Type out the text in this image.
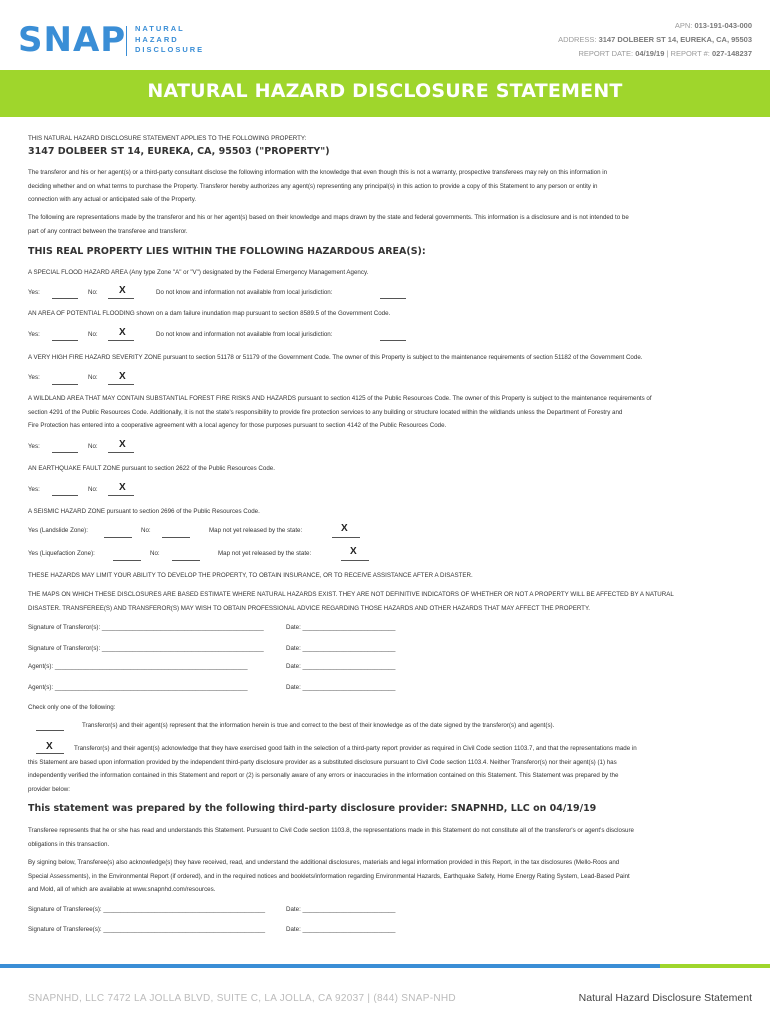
SNAP NATURAL
HAZARD
DISCLOSURE
APN: 013-191-043-000
ADDRESS: 3147 DOLBEER ST 14, EUREKA, CA, 95503
REPORT DATE: 04/19/19 | REPORT #: 027-148237
NATURAL HAZARD DISCLOSURE STATEMENT
THIS NATURAL HAZARD DISCLOSURE STATEMENT APPLIES TO THE FOLLOWING PROPERTY:
3147 DOLBEER ST 14, EUREKA, CA, 95503 ("PROPERTY")
The transferor and his or her agent(s) or a third-party consultant disclose the following information with the knowledge that even though this is not a warranty, prospective transferees may rely on this information in
deciding whether and on what terms to purchase the Property. Transferor hereby authorizes any agent(s) representing any principal(s) in this action to provide a copy of this Statement to any person or entity in
connection with any actual or anticipated sale of the Property.
The following are representations made by the transferor and his or her agent(s) based on their knowledge and maps drawn by the state and federal governments. This information is a disclosure and is not intended to be
part of any contract between the transferee and transferor.
THIS REAL PROPERTY LIES WITHIN THE FOLLOWING HAZARDOUS AREA(S):
A SPECIAL FLOOD HAZARD AREA (Any type Zone "A" or "V") designated by the Federal Emergency Management Agency.
Yes:	No: X	Do not know and information not available from local jurisdiction:
AN AREA OF POTENTIAL FLOODING shown on a dam failure inundation map pursuant to section 8589.5 of the Government Code.
Yes:	No: X	Do not know and information not available from local jurisdiction:
A VERY HIGH FIRE HAZARD SEVERITY ZONE pursuant to section 51178 or 51179 of the Government Code. The owner of this Property is subject to the maintenance requirements of section 51182 of the Government Code.
Yes:	No: X
A WILDLAND AREA THAT MAY CONTAIN SUBSTANTIAL FOREST FIRE RISKS AND HAZARDS pursuant to section 4125 of the Public Resources Code. The owner of this Property is subject to the maintenance requirements of
section 4291 of the Public Resources Code. Additionally, it is not the state's responsibility to provide fire protection services to any building or structure located within the wildlands unless the Department of Forestry and
Fire Protection has entered into a cooperative agreement with a local agency for those purposes pursuant to section 4142 of the Public Resources Code.
Yes:	No: X
AN EARTHQUAKE FAULT ZONE pursuant to section 2622 of the Public Resources Code.
Yes:	No: X
A SEISMIC HAZARD ZONE pursuant to section 2696 of the Public Resources Code.
Yes (Landslide Zone):	No:	Map not yet released by the state:	X
Yes (Liquefaction Zone):	No:	Map not yet released by the state:	X
THESE HAZARDS MAY LIMIT YOUR ABILITY TO DEVELOP THE PROPERTY, TO OBTAIN INSURANCE, OR TO RECEIVE ASSISTANCE AFTER A DISASTER.
THE MAPS ON WHICH THESE DISCLOSURES ARE BASED ESTIMATE WHERE NATURAL HAZARDS EXIST. THEY ARE NOT DEFINITIVE INDICATORS OF WHETHER OR NOT A PROPERTY WILL BE AFFECTED BY A NATURAL
DISASTER. TRANSFEREE(S) AND TRANSFEROR(S) MAY WISH TO OBTAIN PROFESSIONAL ADVICE REGARDING THOSE HAZARDS AND OTHER HAZARDS THAT MAY AFFECT THE PROPERTY.
Signature of Transferor(s): _______________________________________________	Date: ___________________________
Signature of Transferor(s): _______________________________________________	Date: ___________________________
Agent(s): ________________________________________________________	Date: ___________________________
Agent(s): ________________________________________________________	Date: ___________________________
Check only one of the following:
Transferor(s) and their agent(s) represent that the information herein is true and correct to the best of their knowledge as of the date signed by the transferor(s) and agent(s).
X	Transferor(s) and their agent(s) acknowledge that they have exercised good faith in the selection of a third-party report provider as required in Civil Code section 1103.7, and that the representations made in
this Statement are based upon information provided by the independent third-party disclosure provider as a substituted disclosure pursuant to Civil Code section 1103.4. Neither Transferor(s) nor their agent(s) (1) has
independently verified the information contained in this Statement and report or (2) is personally aware of any errors or inaccuracies in the information contained on this Statement. This Statement was prepared by the
provider below:
This statement was prepared by the following third-party disclosure provider: SNAPNHD, LLC on 04/19/19
Transferee represents that he or she has read and understands this Statement. Pursuant to Civil Code section 1103.8, the representations made in this Statement do not constitute all of the transferor's or agent's disclosure
obligations in this transaction.
By signing below, Transferee(s) also acknowledge(s) they have received, read, and understand the additional disclosures, materials and legal information provided in this Report, in the tax disclosures (Mello-Roos and
Special Assessments), in the Environmental Report (if ordered), and in the required notices and booklets/information regarding Environmental Hazards, Earthquake Safety, Home Energy Rating System, Lead-Based Paint
and Mold, all of which are available at www.snapnhd.com/resources.
Signature of Transferee(s): _______________________________________________	Date: ___________________________
Signature of Transferee(s): _______________________________________________	Date: ___________________________
SNAPNHD, LLC 7472 LA JOLLA BLVD, SUITE C, LA JOLLA, CA 92037 | (844) SNAP-NHD	Natural Hazard Disclosure Statement
